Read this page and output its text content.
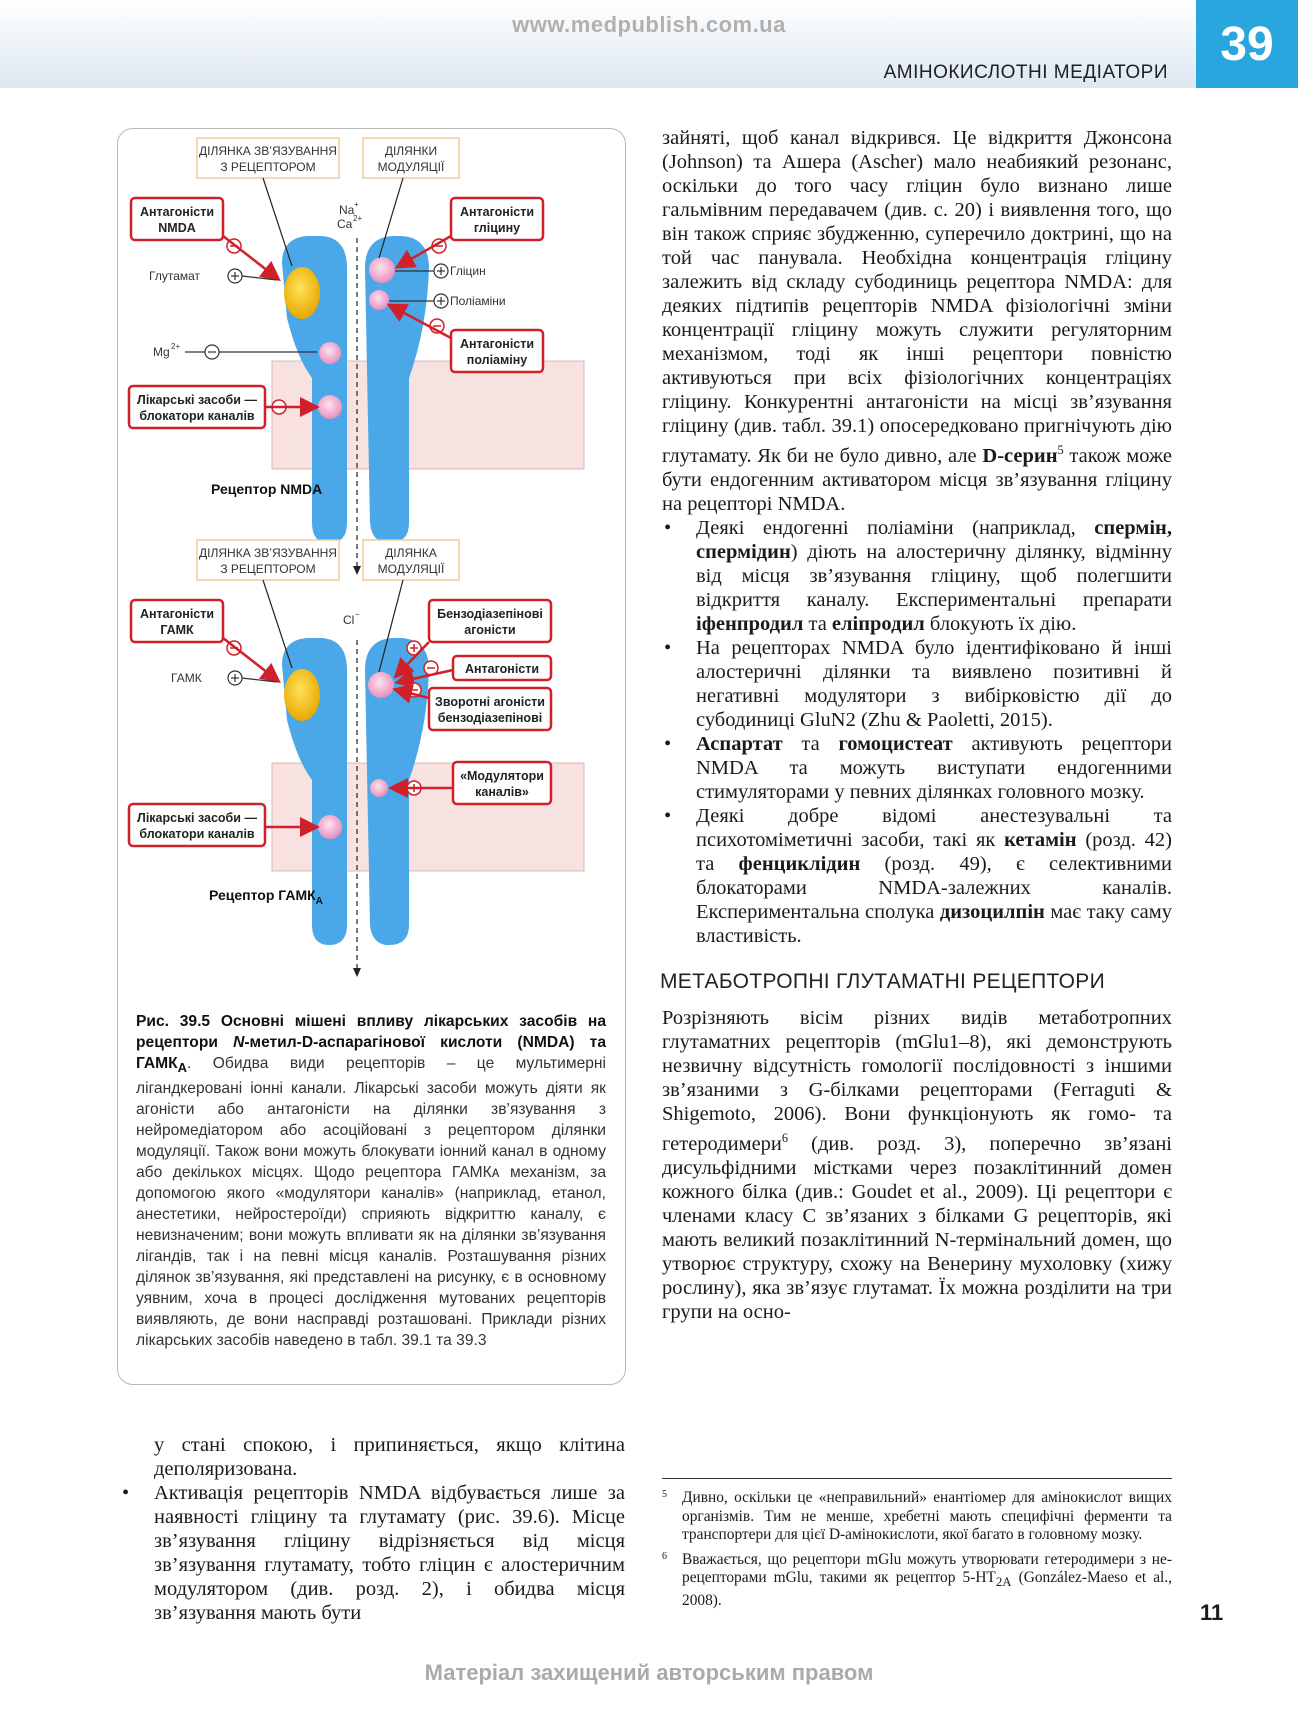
www.medpublish.com.ua
АМІНОКИСЛОТНІ МЕДІАТОРИ
39
ДІЛЯНКА ЗВ’ЯЗУВАННЯ З РЕЦЕПТОРОМ
ДІЛЯНКИ МОДУЛЯЦІЇ
Na +
Ca 2+
Антагоністи NMDA
Глутамат
Антагоністи гліцину
Гліцин
Поліаміни
Антагоністи поліаміну
Mg 2+
Лікарські засоби — блокатори каналів
Рецептор NMDA
ДІЛЯНКА ЗВ’ЯЗУВАННЯ З РЕЦЕПТОРОМ
ДІЛЯНКА МОДУЛЯЦІЇ
Cl −
Антагоністи ГАМК
ГАМК
Бензодіазепінові агоністи
Антагоністи
Зворотні агоністи бензодіазепінові
«Модулятори каналів»
Лікарські засоби — блокатори каналів
Рецептор $ГАМК_A$
Рис. 39.5 Основні мішені впливу лікарських засобів на рецептори N-метил-D-аспарагінової кислоти (NMDA) та $ГАМК_A$. Обидва види рецепторів – це мультимерні лігандкеровані іонні канали. Лікарські засоби можуть діяти як агоністи або антагоністи на ділянки зв’язування з нейромедіатором або асоційовані з рецептором ділянки модуляції. Також вони можуть блокувати іонний канал в одному або декількох місцях. Щодо рецептора ГАМКᴀ механізм, за допомогою якого «модулятори каналів» (наприклад, етанол, анестетики, нейростероїди) сприяють відкриттю каналу, є невизначеним; вони можуть впливати як на ділянки зв’язування лігандів, так і на певні місця каналів. Розташування різних ділянок зв’язування, які представлені на рисунку, є в основному уявним, хоча в процесі дослідження мутованих рецепторів виявляють, де вони насправді розташовані. Приклади різних лікарських засобів наведено в табл. 39.1 та 39.3

зайняті, щоб канал відкрився. Це відкриття Джонсона (Johnson) та Ашера (Ascher) мало неабиякий резонанс, оскільки до того часу гліцин було визнано лише гальмівним передавачем (див. с. 20) і виявлення того, що він також сприяє збудженню, суперечило доктрині, що на той час панувала. Необхідна концентрація гліцину залежить від складу субодиниць рецептора NMDA: для деяких підтипів рецепторів NMDA фізіологічні зміни концентрації гліцину можуть служити регуляторним механізмом, тоді як інші рецептори повністю активуються при всіх фізіологічних концентраціях гліцину. Конкурентні антагоністи на місці зв’язування гліцину (див. табл. 39.1) опосередковано пригнічують дію глутамату. Як би не було дивно, але D-серин$^5$ також може бути ендогенним активатором місця зв’язування гліцину на рецепторі NMDA.

• Деякі ендогенні поліаміни (наприклад, спермін, спермідин) діють на алостеричну ділянку, відмінну від місця зв’язування гліцину, щоб полегшити відкриття каналу. Експериментальні препарати іфенпродил та еліпродил блокують їх дію.

• На рецепторах NMDA було ідентифіковано й інші алостеричні ділянки та виявлено позитивні й негативні модулятори з вибірковістю дії до субодиниці GluN2 (Zhu & Paoletti, 2015).

• Аспартат та гомоцистеат активують рецептори NMDA та можуть виступати ендогенними стимуляторами у певних ділянках головного мозку.

• Деякі добре відомі анестезувальні та психотоміметичні засоби, такі як кетамін (розд. 42) та фенциклідин (розд. 49), є селективними блокаторами NMDA-залежних каналів. Експериментальна сполука дизоцилпін має таку саму властивість.

МЕТАБОТРОПНІ ГЛУТАМАТНІ РЕЦЕПТОРИ

Розрізняють вісім різних видів метаботропних глутаматних рецепторів (mGlu1–8), які демонструють незвичну відсутність гомології послідовності з іншими зв’язаними з G-білками рецепторами (Ferraguti & Shigemoto, 2006). Вони функціонують як гомо- та гетеродимери$^6$ (див. розд. 3), поперечно зв’язані дисульфідними містками через позаклітинний домен кожного білка (див.: Goudet et al., 2009). Ці рецептори є членами класу С зв’язаних з білками G рецепторів, які мають великий позаклітинний N-термінальний домен, що утворює структуру, схожу на Венерину мухоловку (хижу рослину), яка зв’язує глутамат. Їх можна розділити на три групи на осно-

у стані спокою, і припиняється, якщо клітина деполяризована.

• Активація рецепторів NMDA відбувається лише за наявності гліцину та глутамату (рис. 39.6). Місце зв’язування гліцину відрізняється від місця зв’язування глутамату, тобто гліцин є алостеричним модулятором (див. розд. 2), і обидва місця зв’язування мають бути

5 Дивно, оскільки це «неправильний» енантіомер для амінокислот вищих організмів. Тим не менше, хребетні мають специфічні ферменти та транспортери для цієї D-амінокислоти, якої багато в головному мозку.

6 Вважається, що рецептори mGlu можуть утворювати гетеродимери з не-рецепторами mGlu, такими як рецептор $5-HT_{2A}$ (González-Maeso et al., 2008).	11
Матеріал захищений авторським правом
